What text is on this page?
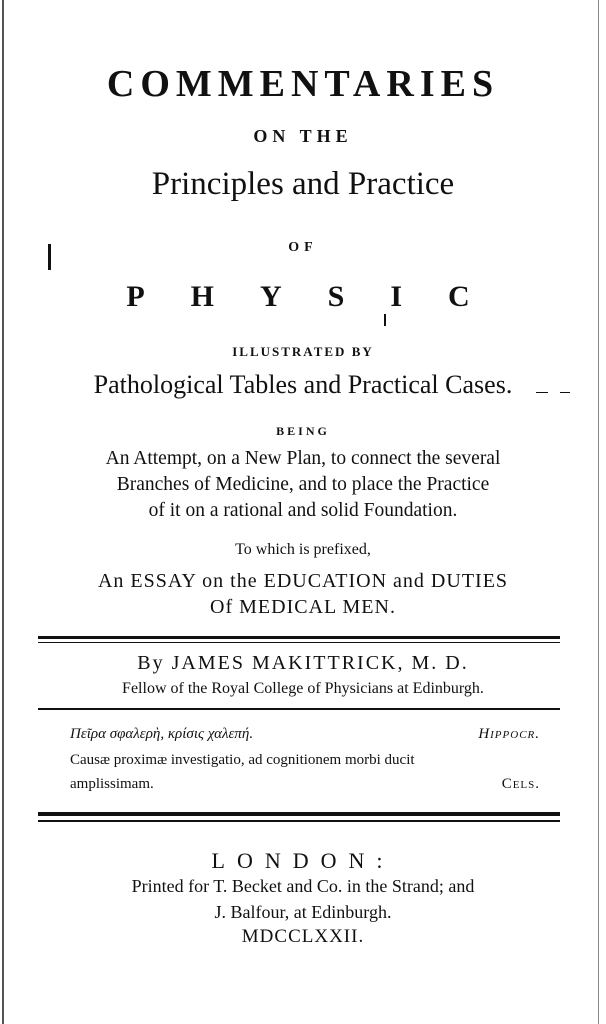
COMMENTARIES
ON THE
Principles and Practice
OF
PHYSIC
ILLUSTRATED BY
Pathological Tables and Practical Cases.
BEING
An Attempt, on a New Plan, to connect the several
Branches of Medicine, and to place the Practice
of it on a rational and solid Foundation.
To which is prefixed,
An ESSAY on the EDUCATION and DUTIES
Of MEDICAL MEN.
By JAMES MAKITTRICK, M. D.
Fellow of the Royal College of Physicians at Edinburgh.
Πεῖρα σφαλερὴ, κρίσις χαλεπή.	Hippocr.
Causæ proximæ investigatio, ad cognitionem morbi ducit
amplissimam.	Cels.
LONDON:
Printed for T. Becket and Co. in the Strand; and
J. Balfour, at Edinburgh.
MDCCLXXII.
